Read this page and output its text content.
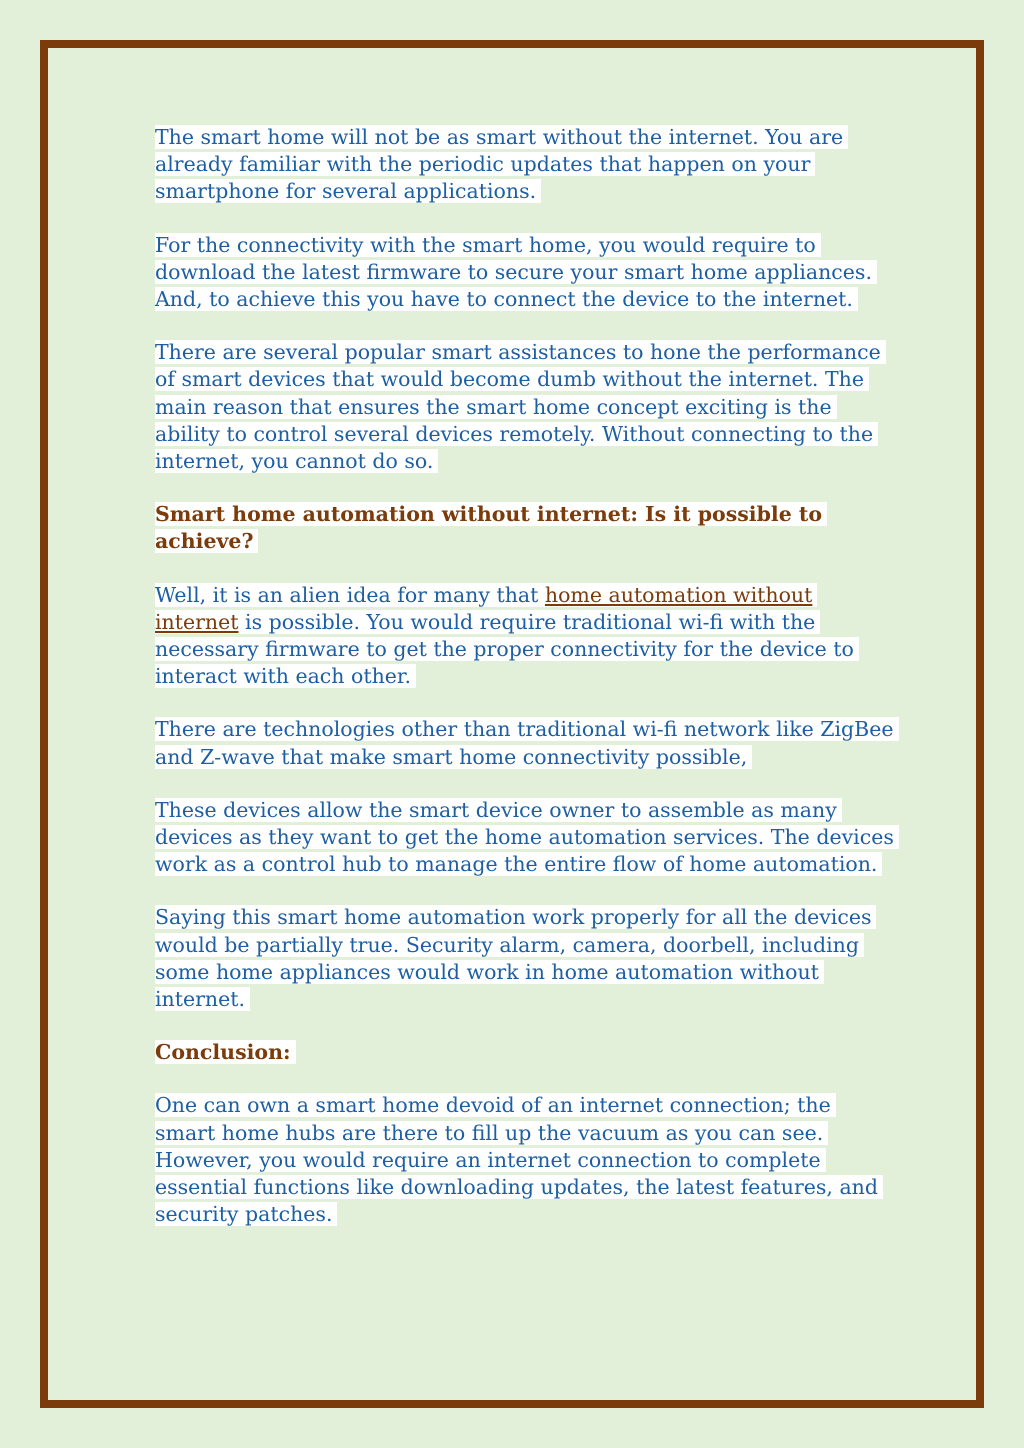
The smart home will not be as smart without the internet. You are already familiar with the periodic updates that happen on your smartphone for several applications.

For the connectivity with the smart home, you would require to download the latest firmware to secure your smart home appliances. And, to achieve this you have to connect the device to the internet.

There are several popular smart assistances to hone the performance of smart devices that would become dumb without the internet. The main reason that ensures the smart home concept exciting is the ability to control several devices remotely. Without connecting to the internet, you cannot do so.

Smart home automation without internet: Is it possible to achieve?

Well, it is an alien idea for many that home automation without internet is possible. You would require traditional wi-fi with the necessary firmware to get the proper connectivity for the device to interact with each other.

There are technologies other than traditional wi-fi network like ZigBee and Z-wave that make smart home connectivity possible,

These devices allow the smart device owner to assemble as many devices as they want to get the home automation services. The devices work as a control hub to manage the entire flow of home automation.

Saying this smart home automation work properly for all the devices would be partially true. Security alarm, camera, doorbell, including some home appliances would work in home automation without internet.

Conclusion:

One can own a smart home devoid of an internet connection; the smart home hubs are there to fill up the vacuum as you can see. However, you would require an internet connection to complete essential functions like downloading updates, the latest features, and security patches.
